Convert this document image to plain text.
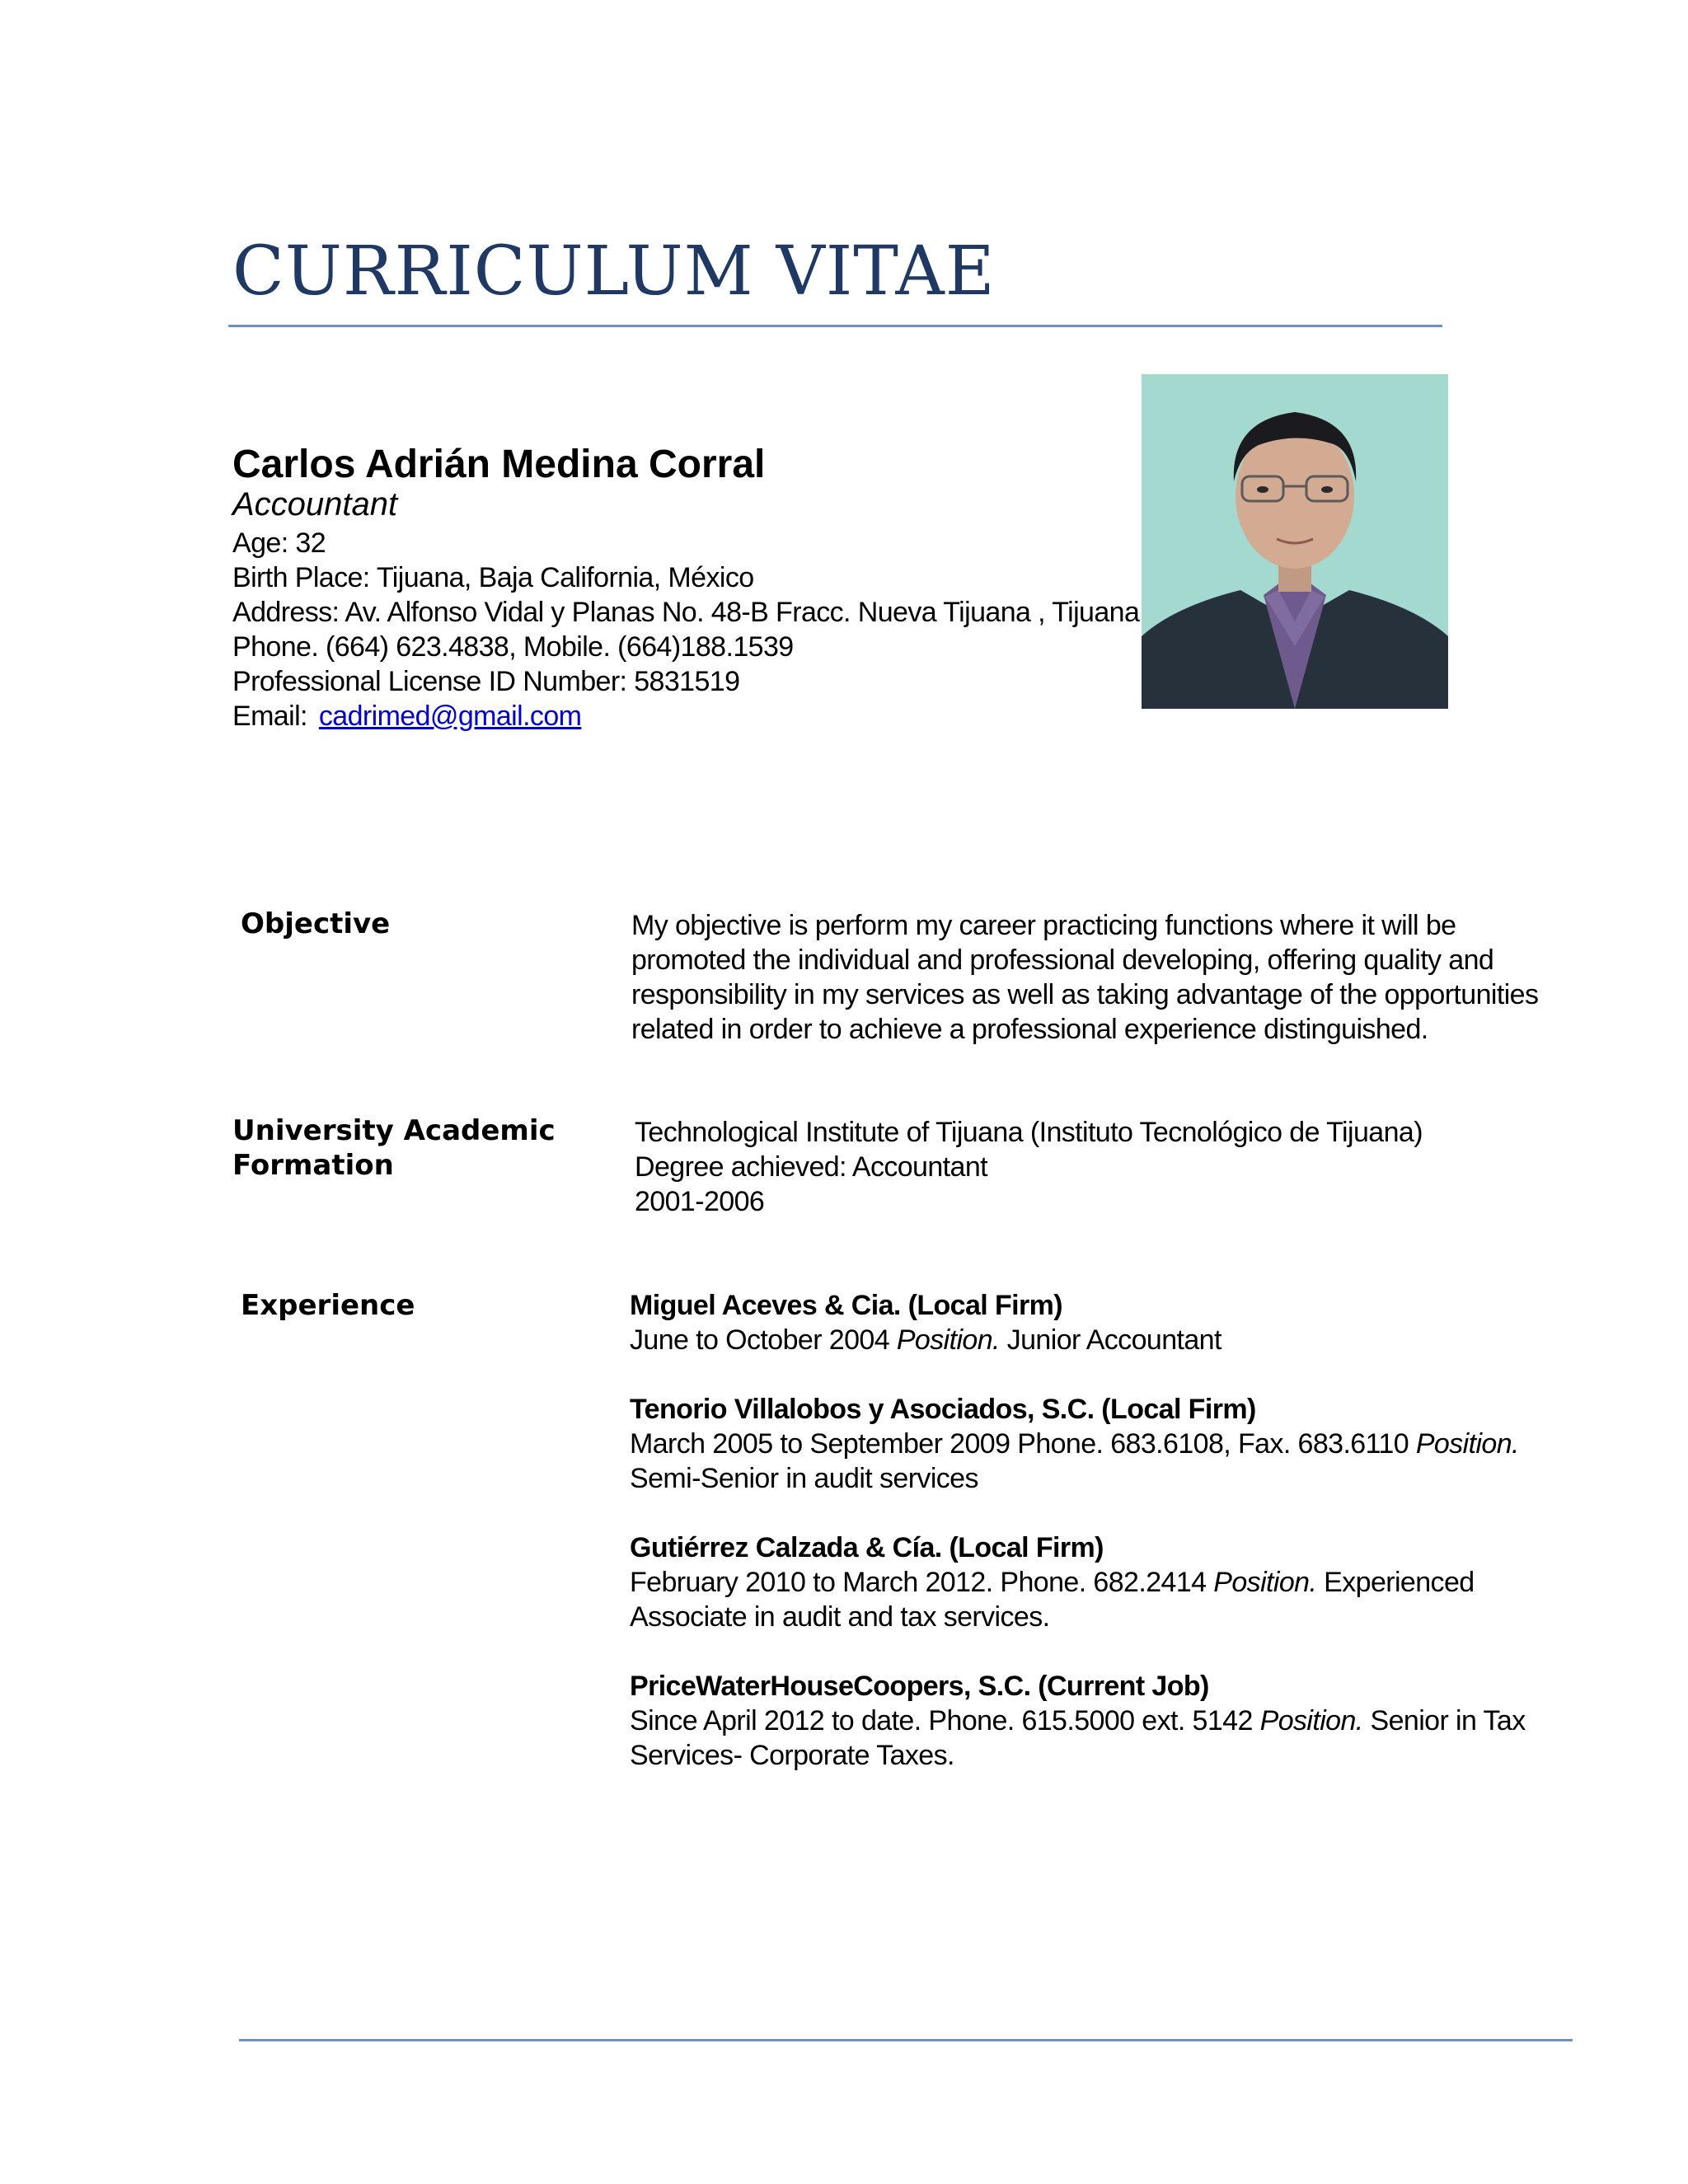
CURRICULUM VITAE
Carlos Adrián Medina Corral
Accountant
Age: 32
Birth Place: Tijuana, Baja California, México
Address: Av. Alfonso Vidal y Planas No. 48-B Fracc. Nueva Tijuana , Tijuana
Phone. (664) 623.4838, Mobile. (664)188.1539
Professional License ID Number: 5831519
Email: cadrimed@gmail.com
Objective	My objective is perform my career practicing functions where it will be
promoted the individual and professional developing, offering quality and
responsibility in my services as well as taking advantage of the opportunities
related in order to achieve a professional experience distinguished.
University Academic
Formation
Technological Institute of Tijuana (Instituto Tecnológico de Tijuana)
Degree achieved: Accountant
2001-2006
Experience	Miguel Aceves & Cia. (Local Firm)
June to October 2004 Position. Junior Accountant
Tenorio Villalobos y Asociados, S.C. (Local Firm)
March 2005 to September 2009 Phone. 683.6108, Fax. 683.6110 Position.
Semi-Senior in audit services
Gutiérrez Calzada & Cía. (Local Firm)
February 2010 to March 2012. Phone. 682.2414 Position. Experienced
Associate in audit and tax services.
PriceWaterHouseCoopers, S.C. (Current Job)
Since April 2012 to date. Phone. 615.5000 ext. 5142 Position. Senior in Tax
Services- Corporate Taxes.
